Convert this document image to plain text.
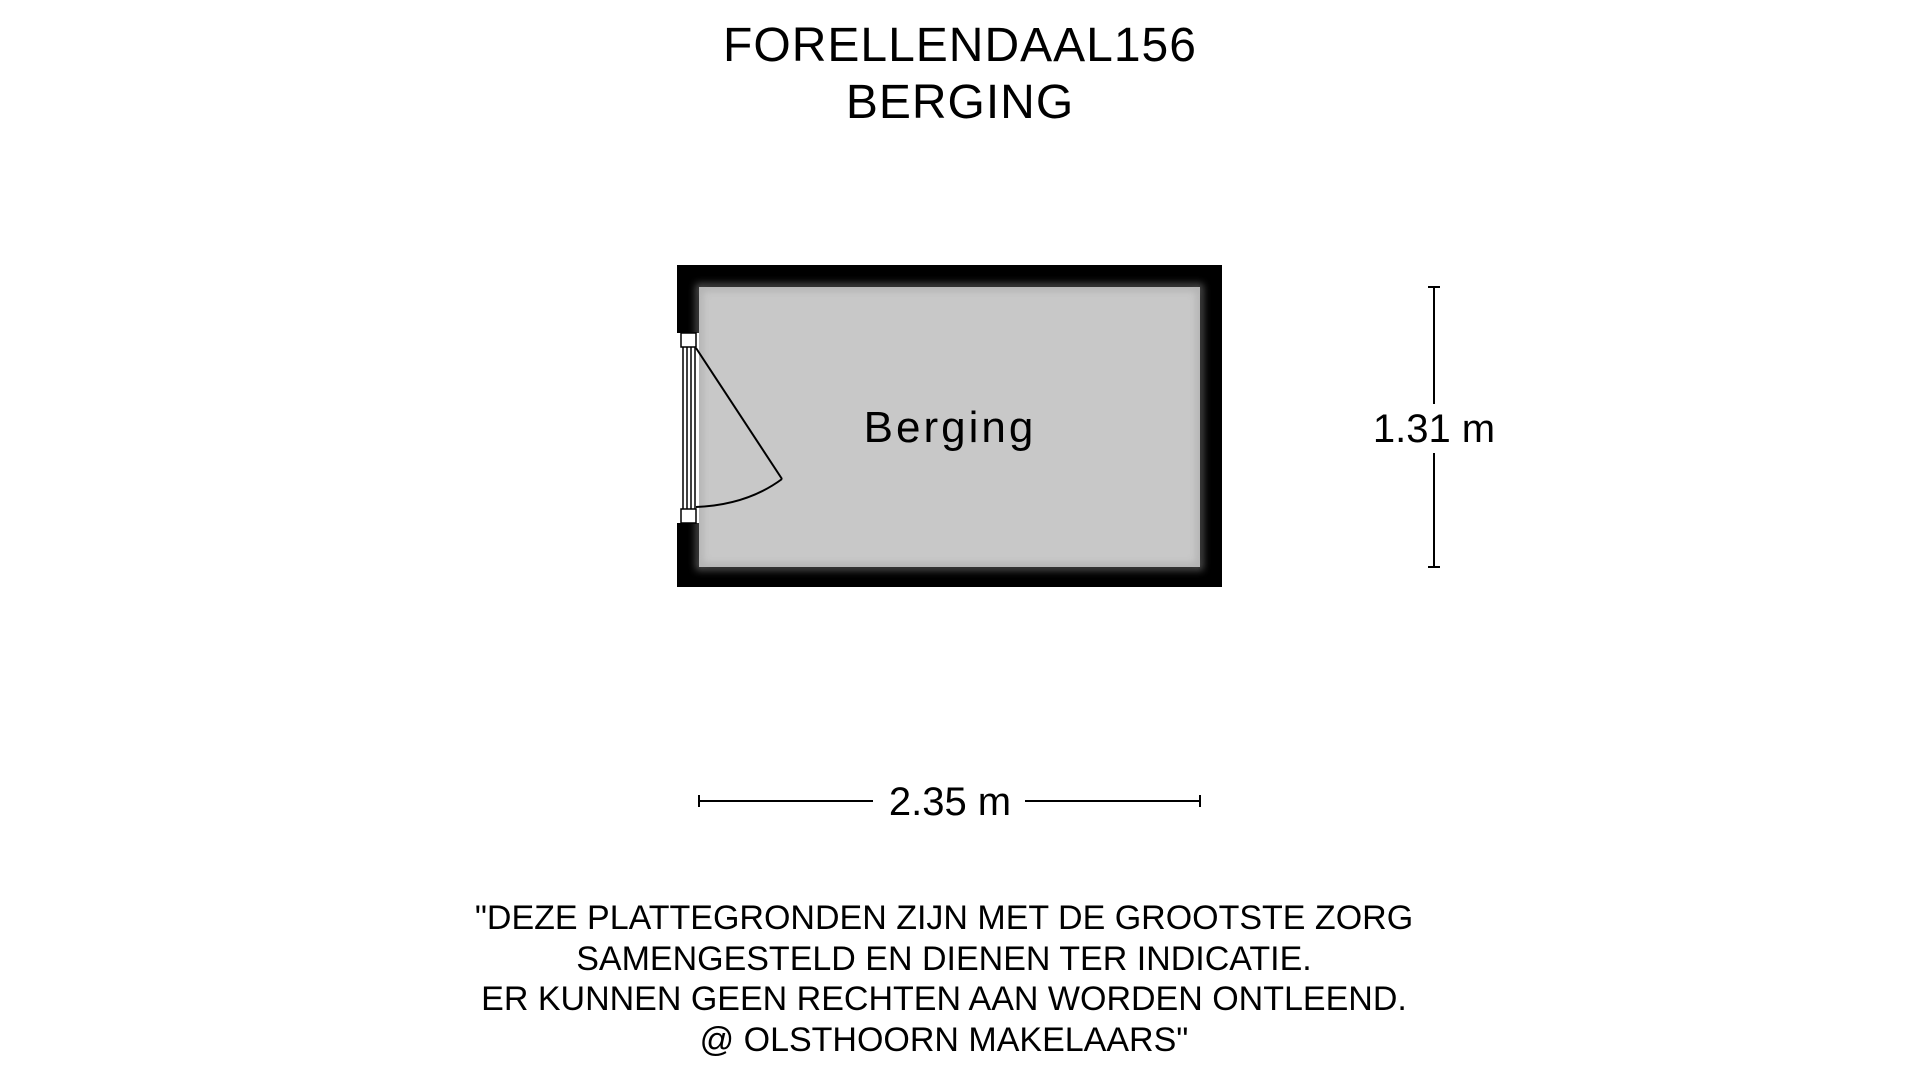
FORELLENDAAL156
BERGING
Berging	1.31 m
2.35 m
"DEZE PLATTEGRONDEN ZIJN MET DE GROOTSTE ZORG
SAMENGESTELD EN DIENEN TER INDICATIE.
ER KUNNEN GEEN RECHTEN AAN WORDEN ONTLEEND.
@ OLSTHOORN MAKELAARS"
